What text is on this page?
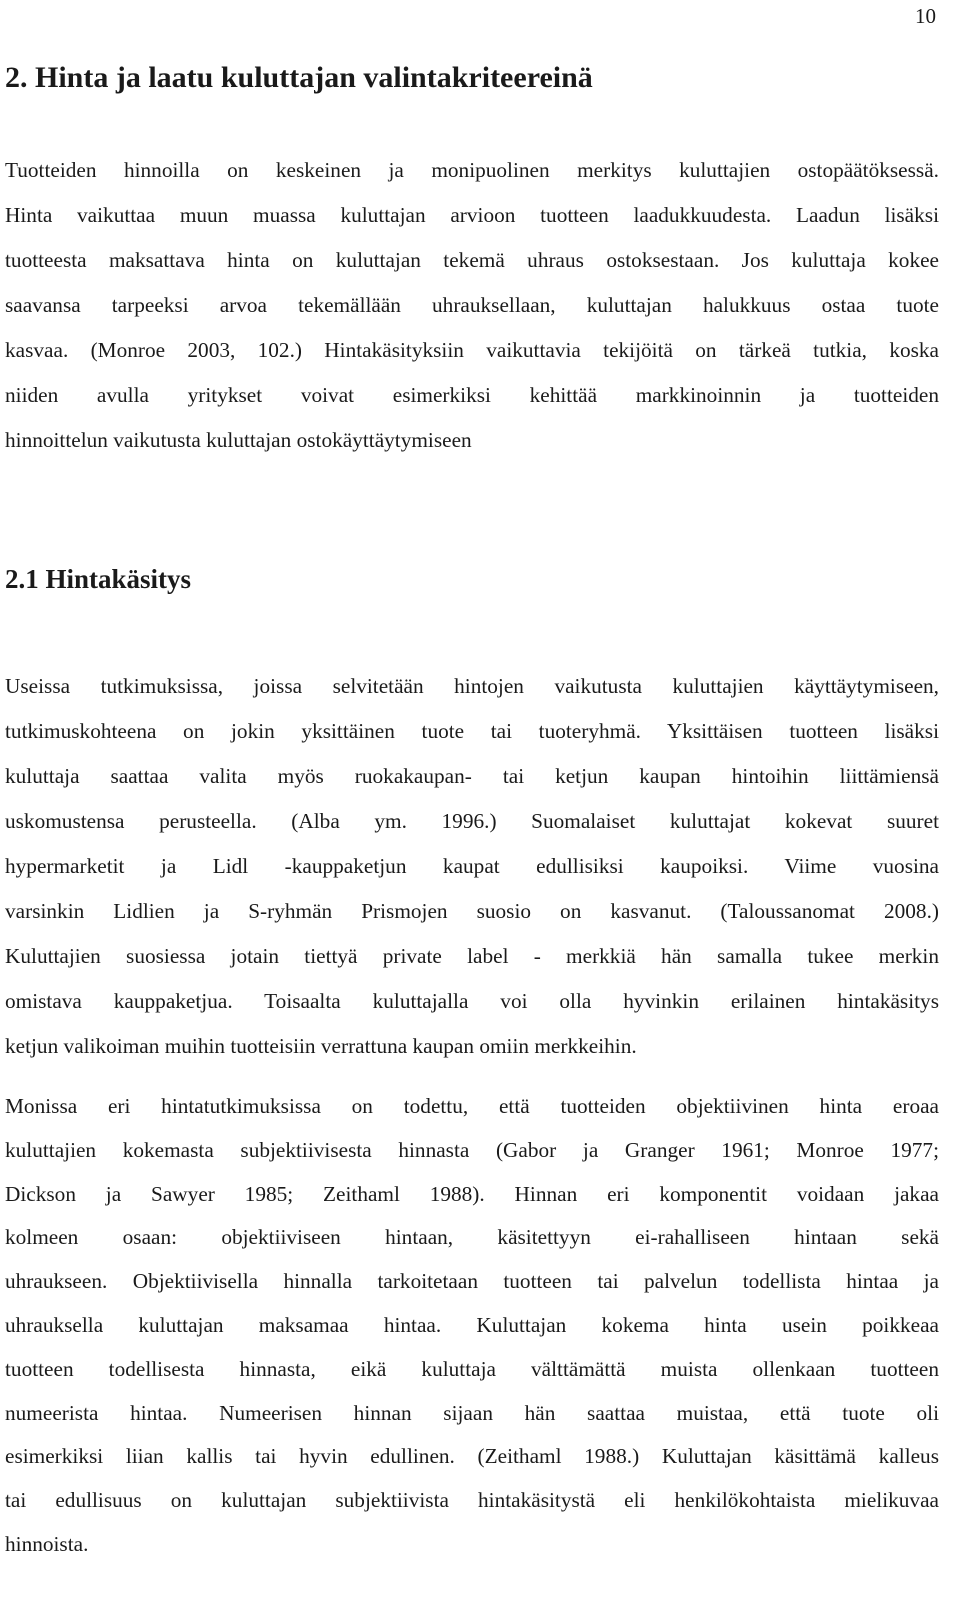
10
2. Hinta ja laatu kuluttajan valintakriteereinä

Tuotteiden hinnoilla on keskeinen ja monipuolinen merkitys kuluttajien ostopäätöksessä.
Hinta vaikuttaa muun muassa kuluttajan arvioon tuotteen laadukkuudesta. Laadun lisäksi
tuotteesta maksattava hinta on kuluttajan tekemä uhraus ostoksestaan. Jos kuluttaja kokee
saavansa tarpeeksi arvoa tekemällään uhrauksellaan, kuluttajan halukkuus ostaa tuote
kasvaa. (Monroe 2003, 102.) Hintakäsityksiin vaikuttavia tekijöitä on tärkeä tutkia, koska
niiden avulla yritykset voivat esimerkiksi kehittää markkinoinnin ja tuotteiden
hinnoittelun vaikutusta kuluttajan ostokäyttäytymiseen

2.1 Hintakäsitys

Useissa tutkimuksissa, joissa selvitetään hintojen vaikutusta kuluttajien käyttäytymiseen,
tutkimuskohteena on jokin yksittäinen tuote tai tuoteryhmä. Yksittäisen tuotteen lisäksi
kuluttaja saattaa valita myös ruokakaupan- tai ketjun kaupan hintoihin liittämiensä
uskomustensa perusteella. (Alba ym. 1996.) Suomalaiset kuluttajat kokevat suuret
hypermarketit ja Lidl -kauppaketjun kaupat edullisiksi kaupoiksi. Viime vuosina
varsinkin Lidlien ja S-ryhmän Prismojen suosio on kasvanut. (Taloussanomat 2008.)
Kuluttajien suosiessa jotain tiettyä private label - merkkiä hän samalla tukee merkin
omistava kauppaketjua. Toisaalta kuluttajalla voi olla hyvinkin erilainen hintakäsitys
ketjun valikoiman muihin tuotteisiin verrattuna kaupan omiin merkkeihin.

Monissa eri hintatutkimuksissa on todettu, että tuotteiden objektiivinen hinta eroaa
kuluttajien kokemasta subjektiivisesta hinnasta (Gabor ja Granger 1961; Monroe 1977;
Dickson ja Sawyer 1985; Zeithaml 1988). Hinnan eri komponentit voidaan jakaa
kolmeen osaan: objektiiviseen hintaan, käsitettyyn ei-rahalliseen hintaan sekä
uhraukseen. Objektiivisella hinnalla tarkoitetaan tuotteen tai palvelun todellista hintaa ja
uhrauksella kuluttajan maksamaa hintaa. Kuluttajan kokema hinta usein poikkeaa
tuotteen todellisesta hinnasta, eikä kuluttaja välttämättä muista ollenkaan tuotteen
numeerista hintaa. Numeerisen hinnan sijaan hän saattaa muistaa, että tuote oli
esimerkiksi liian kallis tai hyvin edullinen. (Zeithaml 1988.) Kuluttajan käsittämä kalleus
tai edullisuus on kuluttajan subjektiivista hintakäsitystä eli henkilökohtaista mielikuvaa
hinnoista.
